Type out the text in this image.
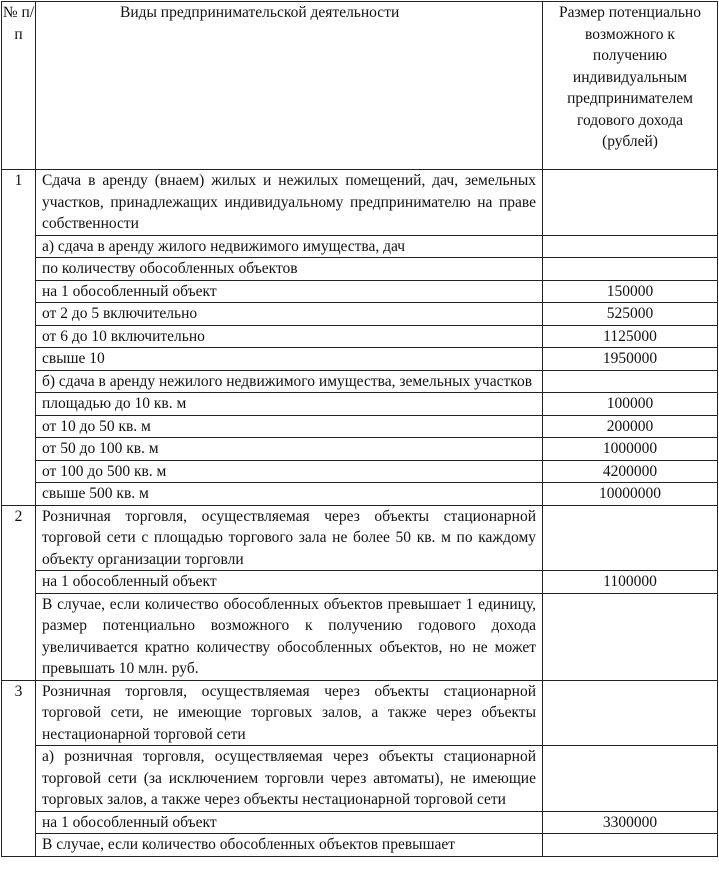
№ п/ п	Виды предпринимательской деятельности	Размер потенциально возможного к получению индивидуальным предпринимателем годового дохода (рублей)
1	Сдача в аренду (внаем) жилых и нежилых помещений, дач, земельных участков, принадлежащих индивидуальному предпринимателю на праве собственности	
	а) сдача в аренду жилого недвижимого имущества, дач	
	по количеству обособленных объектов	
	на 1 обособленный объект	150000
	от 2 до 5 включительно	525000
	от 6 до 10 включительно	1125000
	свыше 10	1950000
	б) сдача в аренду нежилого недвижимого имущества, земельных участков	
	площадью до 10 кв. м	100000
	от 10 до 50 кв. м	200000
	от 50 до 100 кв. м	1000000
	от 100 до 500 кв. м	4200000
	свыше 500 кв. м	10000000
2	Розничная торговля, осуществляемая через объекты стационарной торговой сети с площадью торгового зала не более 50 кв. м по каждому объекту организации торговли	
	на 1 обособленный объект	1100000
	В случае, если количество обособленных объектов превышает 1 единицу, размер потенциально возможного к получению годового дохода увеличивается кратно количеству обособленных объектов, но не может превышать 10 млн. руб.	
3	Розничная торговля, осуществляемая через объекты стационарной торговой сети, не имеющие торговых залов, а также через объекты нестационарной торговой сети	
	а) розничная торговля, осуществляемая через объекты стационарной торговой сети (за исключением торговли через автоматы), не имеющие торговых залов, а также через объекты нестационарной торговой сети	
	на 1 обособленный объект	3300000
	В случае, если количество обособленных объектов превышает	
